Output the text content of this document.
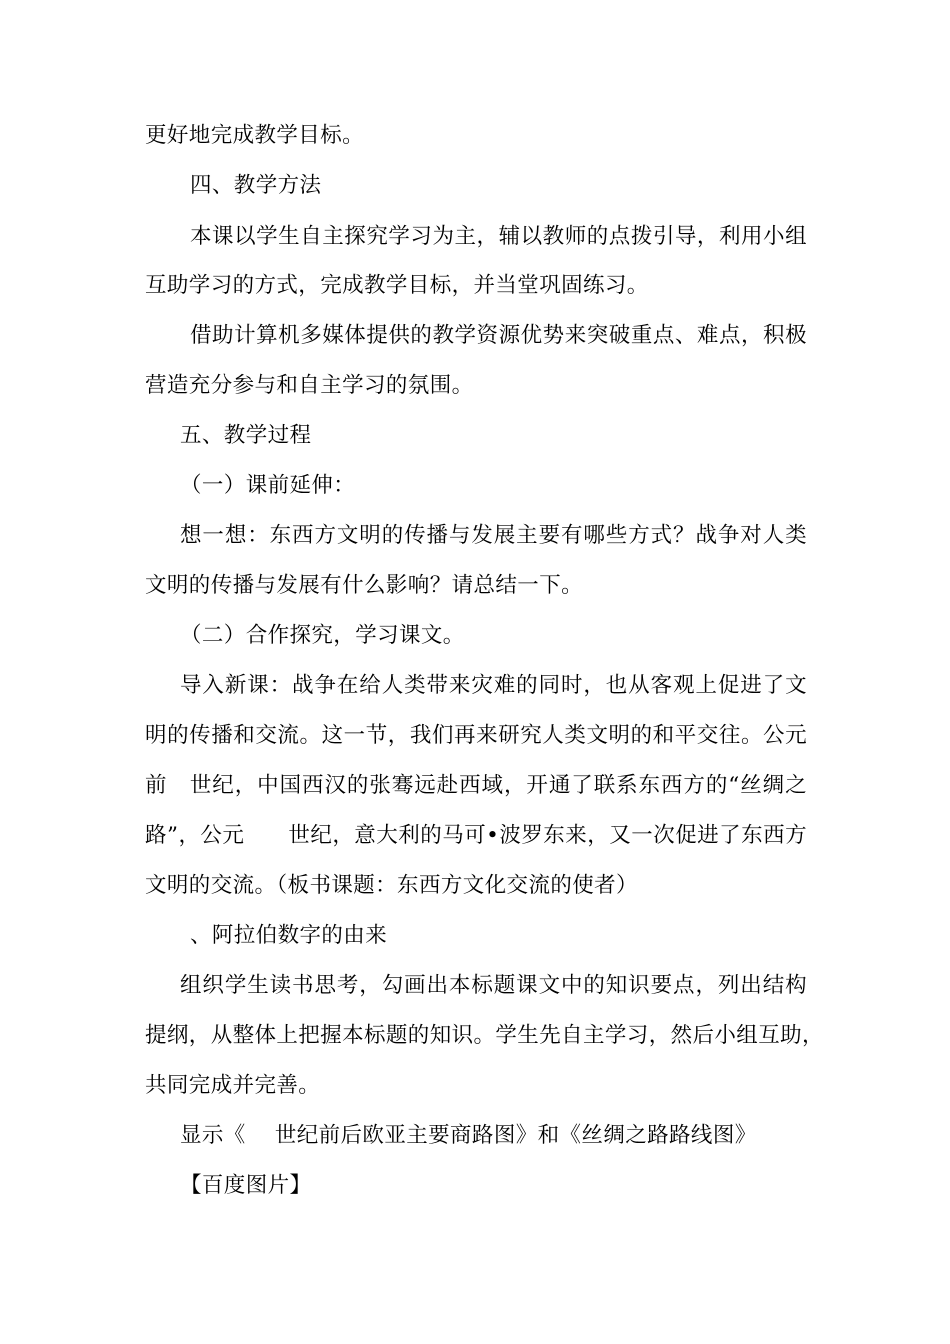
更好地完成教学目标。

四、教学方法

本课以学生自主探究学习为主，辅以教师的点拨引导，利用小组

互助学习的方式，完成教学目标，并当堂巩固练习。

借助计算机多媒体提供的教学资源优势来突破重点、难点，积极

营造充分参与和自主学习的氛围。

五、教学过程

（一）课前延伸：

想一想：东西方文明的传播与发展主要有哪些方式？战争对人类

文明的传播与发展有什么影响？请总结一下。

（二）合作探究，学习课文。

导入新课：战争在给人类带来灾难的同时，也从客观上促进了文

明的传播和交流。这一节，我们再来研究人类文明的和平交往。公元

前　世纪，中国西汉的张骞远赴西域，开通了联系东西方的“丝绸之

路”，公元　　世纪，意大利的马可•波罗东来，又一次促进了东西方

文明的交流。（板书课题：东西方文化交流的使者）

、阿拉伯数字的由来

组织学生读书思考，勾画出本标题课文中的知识要点，列出结构

提纲，从整体上把握本标题的知识。学生先自主学习，然后小组互助，

共同完成并完善。

显示《　 世纪前后欧亚主要商路图》和《丝绸之路路线图》

【百度图片】
